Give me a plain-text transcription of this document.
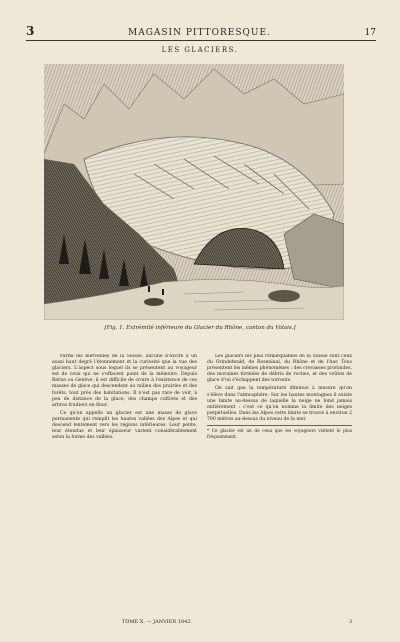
3	MAGASIN PITTORESQUE.	17
LES GLACIERS.
[Fig. 1. Extrémité inférieure du Glacier du Rhône, canton du Valais.]

Parmi les merveilles de la Suisse, aucune n'excite à un aussi haut degré l'étonnement et la curiosité que la vue des glaciers. L'aspect sous lequel ils se présentent au voyageur est de ceux qui ne s'effacent point de la mémoire. Depuis Berne ou Genève, il est difficile de croire à l'existence de ces masses de glace qui descendent au milieu des prairies et des forêts, tout près des habitations. Il n'est pas rare de voir, à peu de distance de la glace, des champs cultivés et des arbres fruitiers en fleur.

Ce qu'on appelle un glacier est une masse de glace permanente qui remplit les hautes vallées des Alpes et qui descend lentement vers les régions inférieures. Leur pente, leur étendue et leur épaisseur varient considérablement selon la forme des vallées.

Les glaciers les plus remarquables de la Suisse sont ceux du Grindelwald, de Rosenlaui, du Rhône et de l'Aar. Tous présentent les mêmes phénomènes : des crevasses profondes, des moraines formées de débris de roches, et des voûtes de glace d'où s'échappent des torrents.

On sait que la température diminue à mesure qu'on s'élève dans l'atmosphère. Sur les hautes montagnes il existe une limite au-dessus de laquelle la neige ne fond jamais entièrement : c'est ce qu'on nomme la limite des neiges perpétuelles. Dans les Alpes cette limite se trouve à environ 2 700 mètres au-dessus du niveau de la mer.

* Ce glacier est un de ceux que les voyageurs visitent le plus fréquemment.
TOME X. — JANVIER 1842.	3
